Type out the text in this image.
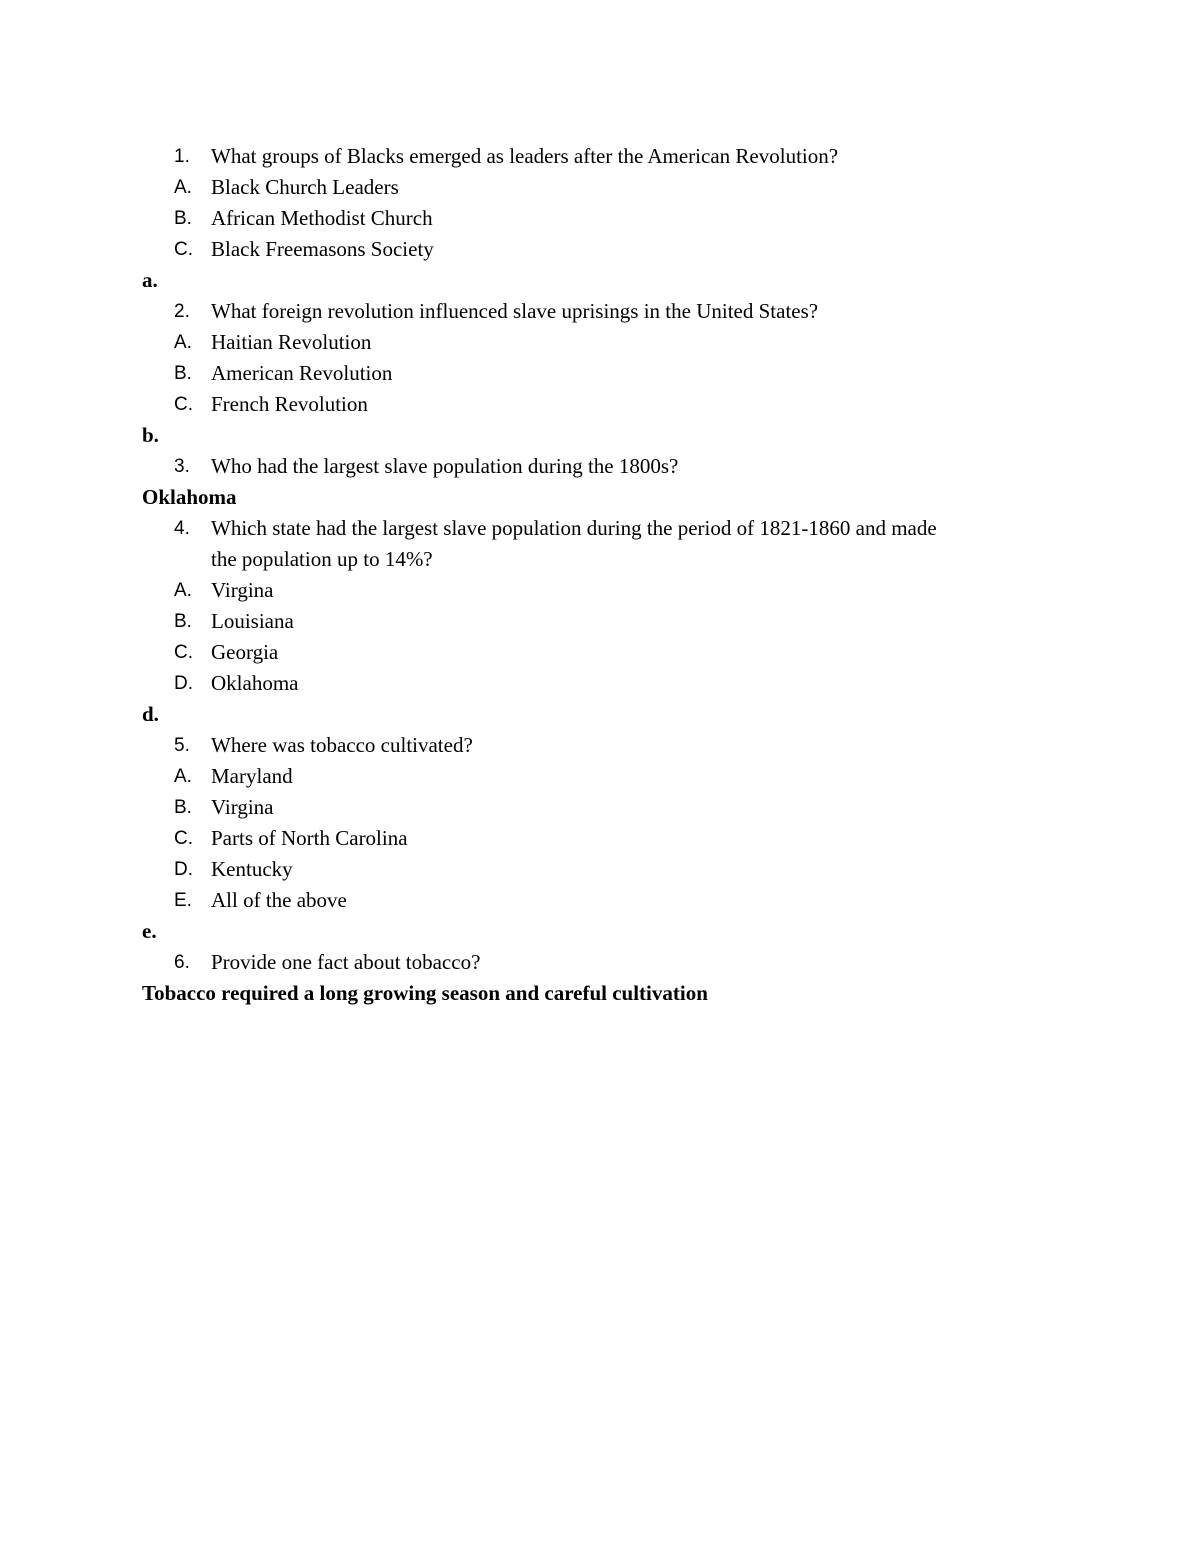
1.	What groups of Blacks emerged as leaders after the American Revolution?
A. Black Church Leaders
B. African Methodist Church
C. Black Freemasons Society
a.
2.	What foreign revolution influenced slave uprisings in the United States?
A. Haitian Revolution
B. American Revolution
C. French Revolution
b.
3.	Who had the largest slave population during the 1800s?
Oklahoma
4.	Which state had the largest slave population during the period of 1821-1860 and made
the population up to 14%?
A. Virgina
B. Louisiana
C. Georgia
D. Oklahoma
d.
5.	Where was tobacco cultivated?
A. Maryland
B. Virgina
C. Parts of North Carolina
D. Kentucky
E. All of the above
e.
6.	Provide one fact about tobacco?
Tobacco required a long growing season and careful cultivation
